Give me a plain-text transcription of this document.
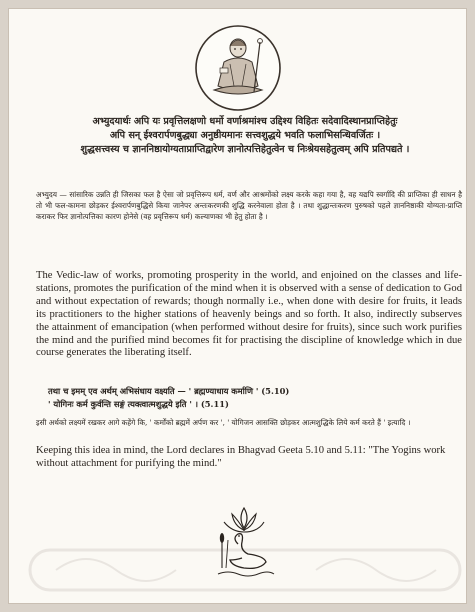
अभ्युदयार्थः अपि यः प्रवृत्तिलक्षणो धर्मो वर्णाश्रमांश्च उद्दिश्य विहितः सदेवादिस्थानप्राप्तिहेतुः
अपि सन् ईश्वरार्पणबुद्ध्या अनुष्ठीयमानः सत्त्वशुद्धये भवति फलाभिसन्धिवर्जितः ।
शुद्धसत्त्वस्य च ज्ञाननिष्ठायोग्यताप्राप्तिद्वारेण ज्ञानोत्पत्तिहेतुत्वेन च निःश्रेयसहेतुत्वम् अपि प्रतिपद्यते ।
अभ्युदय — सांसारिक उन्नति ही जिसका फल है ऐसा जो प्रवृत्तिरूप धर्म, वर्ण और आश्रमोंको लक्ष्य करके कहा गया है, वह यद्यपि स्वर्गादि की प्राप्तिका ही साधन है तो भी फल-कामना छोड़कर ईश्वरार्पणबुद्धिसे किया जानेपर अन्तःकरणकी शुद्धि करनेवाला होता है । तथा शुद्धान्तःकरण पुरुषको पहले ज्ञाननिष्ठाकी योग्यता-प्राप्ति कराकर फिर ज्ञानोत्पत्तिका कारण होनेसे (वह प्रवृत्तिरूप धर्म) कल्याणका भी हेतु होता है ।
The Vedic-law of works, promoting prosperity in the world, and enjoined on the classes and life-stations, promotes the purification of the mind when it is observed with a sense of dedication to God and without expectation of rewards; though normally i.e., when done with desire for fruits, it leads its practitioners to the higher stations of heavenly beings and so forth. It also, indirectly subserves the attainment of emancipation (when performed without desire for fruits), since such work purifies the mind and the purified mind becomes fit for practising the discipline of knowledge which in due course generates the liberating itself.
तथा च इमम् एव अर्थम् अभिसंधाय वक्ष्यति — ' ब्रह्मण्याधाय कर्माणि ' (5.10)
' योगिनः कर्म कुर्वन्ति सङ्गं त्यक्त्वात्मशुद्धये इति ' । (5.11)
इसी अर्थको लक्ष्यमें रखकर आगे कहेंगे कि, ' कर्मोंको ब्रह्ममें अर्पण कर ', ' योगिजन आसक्ति छोड़कर आत्मशुद्धिके लिये कर्म करते हैं ' इत्यादि ।
Keeping this idea in mind, the Lord declares in Bhagvad Geeta 5.10 and 5.11: "The Yogins work without attachment for purifying the mind."
